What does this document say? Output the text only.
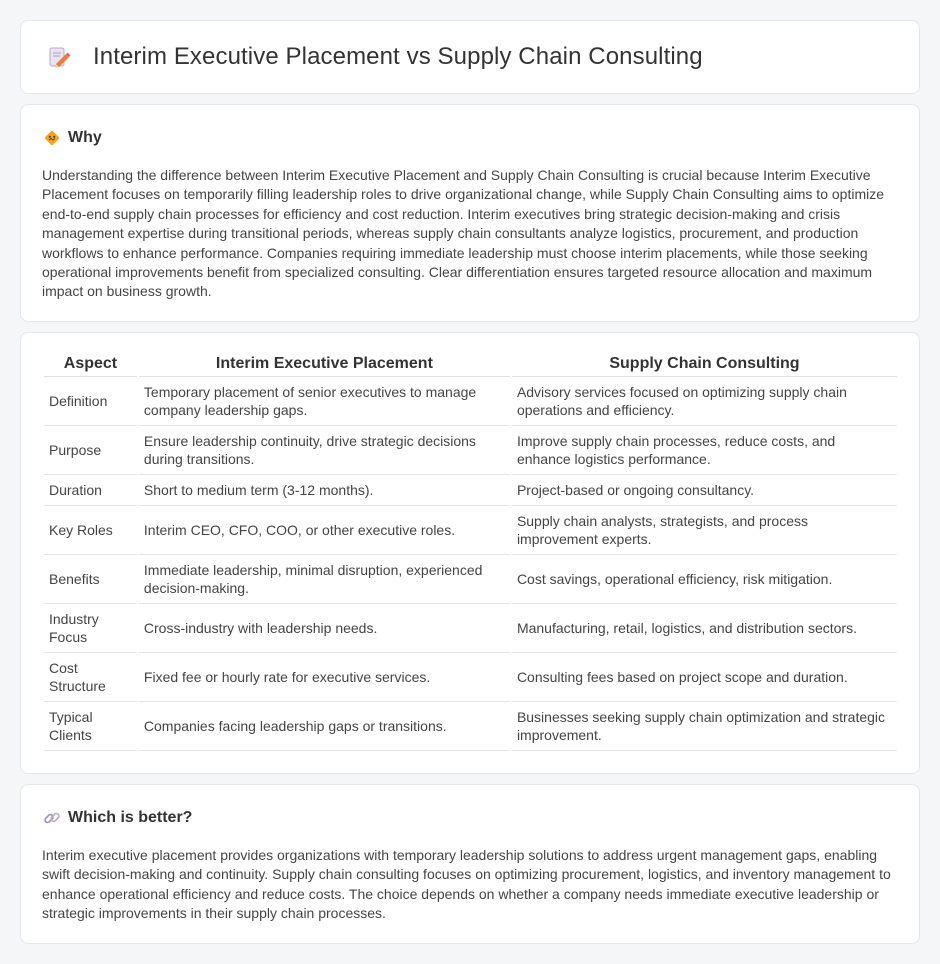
Interim Executive Placement vs Supply Chain Consulting
Why

Understanding the difference between Interim Executive Placement and Supply Chain Consulting is crucial because Interim Executive Placement focuses on temporarily filling leadership roles to drive organizational change, while Supply Chain Consulting aims to optimize end-to-end supply chain processes for efficiency and cost reduction. Interim executives bring strategic decision-making and crisis management expertise during transitional periods, whereas supply chain consultants analyze logistics, procurement, and production workflows to enhance performance. Companies requiring immediate leadership must choose interim placements, while those seeking operational improvements benefit from specialized consulting. Clear differentiation ensures targeted resource allocation and maximum impact on business growth.

Aspect	Interim Executive Placement	Supply Chain Consulting
Definition	Temporary placement of senior executives to manage company leadership gaps.	Advisory services focused on optimizing supply chain operations and efficiency.
Purpose	Ensure leadership continuity, drive strategic decisions during transitions.	Improve supply chain processes, reduce costs, and enhance logistics performance.
Duration	Short to medium term (3-12 months).	Project-based or ongoing consultancy.
Key Roles	Interim CEO, CFO, COO, or other executive roles.	Supply chain analysts, strategists, and process improvement experts.
Benefits	Immediate leadership, minimal disruption, experienced decision-making.	Cost savings, operational efficiency, risk mitigation.
Industry Focus	Cross-industry with leadership needs.	Manufacturing, retail, logistics, and distribution sectors.
Cost Structure	Fixed fee or hourly rate for executive services.	Consulting fees based on project scope and duration.
Typical Clients	Companies facing leadership gaps or transitions.	Businesses seeking supply chain optimization and strategic improvement.
Which is better?

Interim executive placement provides organizations with temporary leadership solutions to address urgent management gaps, enabling swift decision-making and continuity. Supply chain consulting focuses on optimizing procurement, logistics, and inventory management to enhance operational efficiency and reduce costs. The choice depends on whether a company needs immediate executive leadership or strategic improvements in their supply chain processes.
